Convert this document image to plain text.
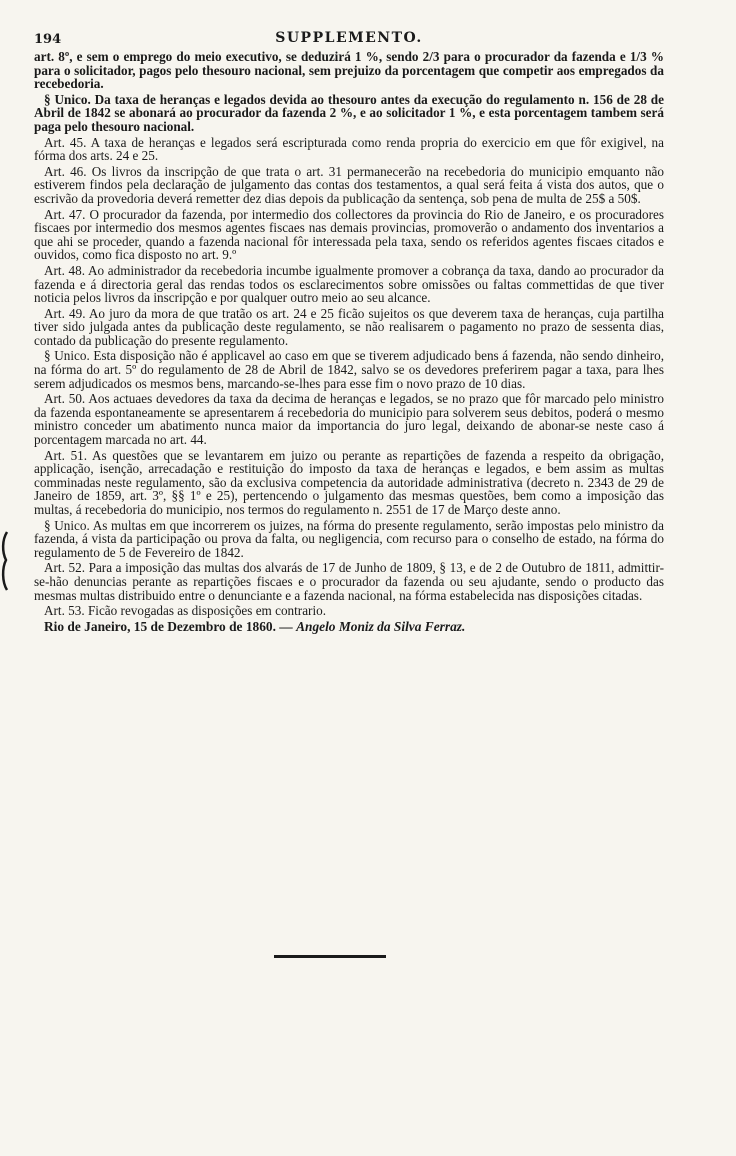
194	SUPPLEMENTO.

art. 8º, e sem o emprego do meio executivo, se deduzirá 1 %, sendo 2/3 para o procurador da fazenda e 1/3 % para o solicitador, pagos pelo thesouro nacional, sem prejuizo da porcentagem que competir aos empregados da recebedoria.

§ Unico. Da taxa de heranças e legados devida ao thesouro antes da execução do regulamento n. 156 de 28 de Abril de 1842 se abonará ao procurador da fazenda 2 %, e ao solicitador 1 %, e esta porcentagem tambem será paga pelo thesouro nacional.

Art. 45. A taxa de heranças e legados será escripturada como renda propria do exercicio em que fôr exigivel, na fórma dos arts. 24 e 25.

Art. 46. Os livros da inscripção de que trata o art. 31 permanecerão na recebedoria do municipio emquanto não estiverem findos pela declaração de julgamento das contas dos testamentos, a qual será feita á vista dos autos, que o escrivão da provedoria deverá remetter dez dias depois da publicação da sentença, sob pena de multa de 25$ a 50$.

Art. 47. O procurador da fazenda, por intermedio dos collectores da provincia do Rio de Janeiro, e os procuradores fiscaes por intermedio dos mesmos agentes fiscaes nas demais provincias, promoverão o andamento dos inventarios a que ahi se proceder, quando a fazenda nacional fôr interessada pela taxa, sendo os referidos agentes fiscaes citados e ouvidos, como fica disposto no art. 9.º

Art. 48. Ao administrador da recebedoria incumbe igualmente promover a cobrança da taxa, dando ao procurador da fazenda e á directoria geral das rendas todos os esclarecimentos sobre omissões ou faltas commettidas de que tiver noticia pelos livros da inscripção e por qualquer outro meio ao seu alcance.

Art. 49. Ao juro da mora de que tratão os art. 24 e 25 ficão sujeitos os que deverem taxa de heranças, cuja partilha tiver sido julgada antes da publicação deste regulamento, se não realisarem o pagamento no prazo de sessenta dias, contado da publicação do presente regulamento.

§ Unico. Esta disposição não é applicavel ao caso em que se tiverem adjudicado bens á fazenda, não sendo dinheiro, na fórma do art. 5º do regulamento de 28 de Abril de 1842, salvo se os devedores preferirem pagar a taxa, para lhes serem adjudicados os mesmos bens, marcando-se-lhes para esse fim o novo prazo de 10 dias.

Art. 50. Aos actuaes devedores da taxa da decima de heranças e legados, se no prazo que fôr marcado pelo ministro da fazenda espontaneamente se apresentarem á recebedoria do municipio para solverem seus debitos, poderá o mesmo ministro conceder um abatimento nunca maior da importancia do juro legal, deixando de abonar-se neste caso á porcentagem marcada no art. 44.

Art. 51. As questões que se levantarem em juizo ou perante as repartições de fazenda a respeito da obrigação, applicação, isenção, arrecadação e restituição do imposto da taxa de heranças e legados, e bem assim as multas comminadas neste regulamento, são da exclusiva competencia da autoridade administrativa (decreto n. 2343 de 29 de Janeiro de 1859, art. 3º, §§ 1º e 25), pertencendo o julgamento das mesmas questões, bem como a imposição das multas, á recebedoria do municipio, nos termos do regulamento n. 2551 de 17 de Março deste anno.

§ Unico. As multas em que incorrerem os juizes, na fórma do presente regulamento, serão impostas pelo ministro da fazenda, á vista da participação ou prova da falta, ou negligencia, com recurso para o conselho de estado, na fórma do regulamento de 5 de Fevereiro de 1842.

Art. 52. Para a imposição das multas dos alvarás de 17 de Junho de 1809, § 13, e de 2 de Outubro de 1811, admittir-se-hão denuncias perante as repartições fiscaes e o procurador da fazenda ou seu ajudante, sendo o producto das mesmas multas distribuido entre o denunciante e a fazenda nacional, na fórma estabelecida nas disposições citadas.

Art. 53. Ficão revogadas as disposições em contrario.

Rio de Janeiro, 15 de Dezembro de 1860. — Angelo Moniz da Silva Ferraz.
